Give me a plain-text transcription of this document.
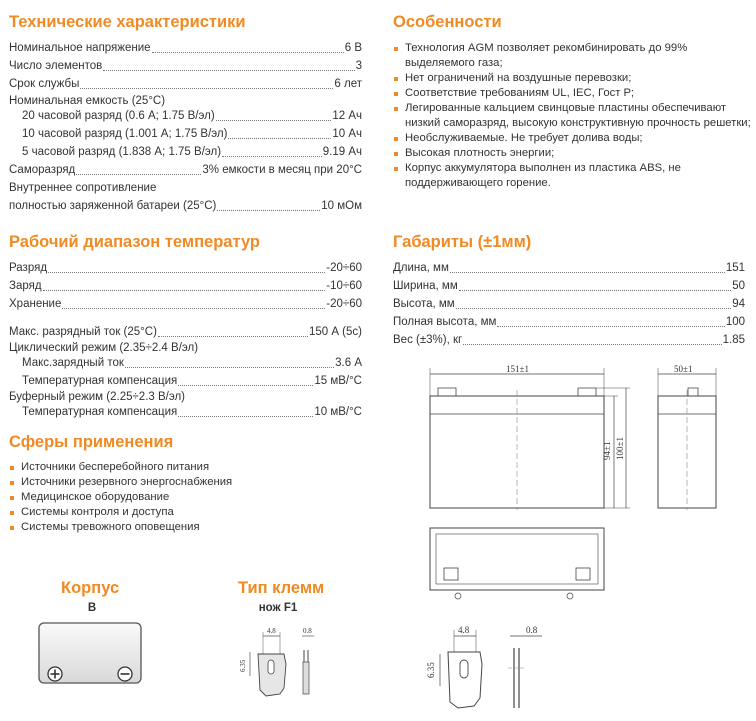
Технические характеристики
Номинальное напряжение	6 В
Число элементов	3
Срок службы	6 лет
Номинальная емкость (25°С)
20 часовой разряд (0.6 А; 1.75 В/эл)	12 Ач
10 часовой разряд (1.001 А; 1.75 В/эл)	10 Ач
5 часовой разряд (1.838 А; 1.75 В/эл)	9.19 Ач
Саморазряд	3% емкости в месяц при 20°С
Внутреннее сопротивление
полностью заряженной батареи (25°С)	10 мОм
Рабочий диапазон температур
Разряд	-20÷60
Заряд	-10÷60
Хранение	-20÷60
Макс. разрядный ток (25°С)	150 А (5с)
Циклический режим (2.35÷2.4 В/эл)
Макс.зарядный ток	3.6 А
Температурная компенсация	15 мВ/°С
Буферный режим (2.25÷2.3 В/эл)
Температурная компенсация	10 мВ/°С
Сферы применения
Источники бесперебойного питания
Источники резервного энергоснабжения
Медицинское оборудование
Системы контроля и доступа
Системы тревожного оповещения
Корпус
B
Тип клемм
нож F1
4.8	0.8
6.35
Особенности
Технология AGM позволяет рекомбинировать до 99% выделяемого газа;
Нет ограничений на воздушные перевозки;
Соответствие требованиям UL, IEC, Гост Р;
Легированные кальцием свинцовые пластины обеспечивают низкий саморазряд, высокую конструктивную прочность решетки;
Необслуживаемые. Не требует долива воды;
Высокая плотность энергии;
Корпус аккумулятора выполнен из пластика ABS, не поддерживающего горение.
Габариты (±1мм)
Длина, мм	151
Ширина, мм	50
Высота, мм	94
Полная высота, мм	100
Вес (±3%), кг	1.85
151±1
94±1 100±1
50±1
4.8	0.8
6.35
